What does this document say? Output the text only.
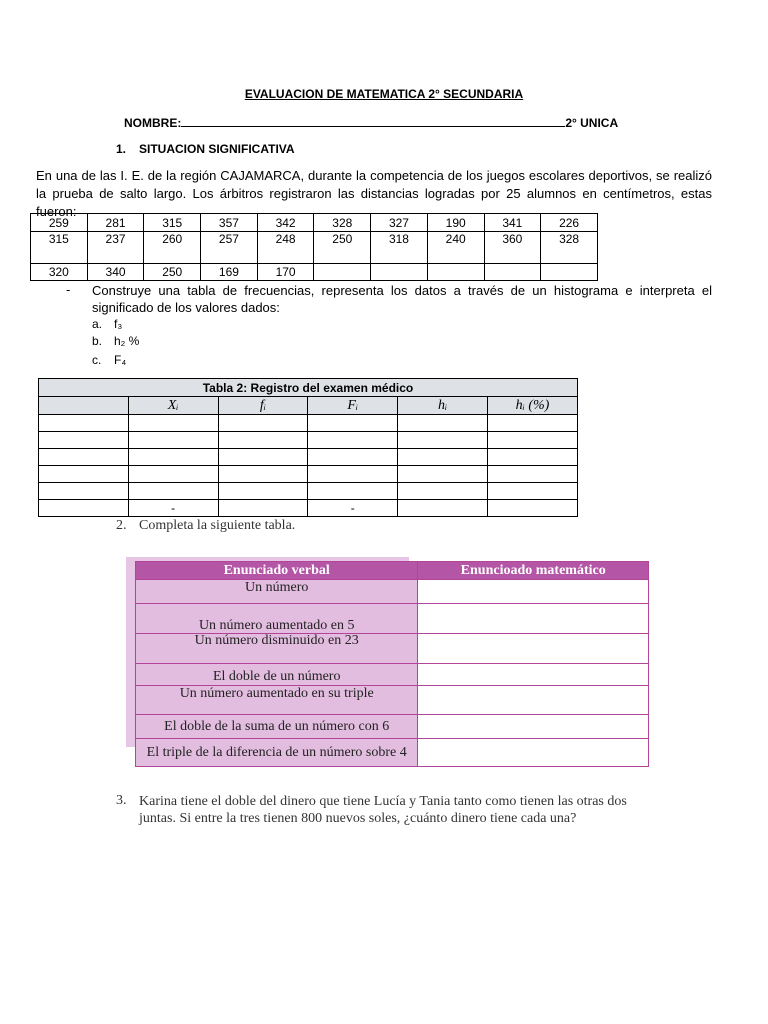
EVALUACION DE MATEMATICA 2° SECUNDARIA
NOMBRE:	2° UNICA
1. SITUACION SIGNIFICATIVA
En una de las I. E. de la región CAJAMARCA, durante la competencia de los juegos escolares deportivos, se realizó la prueba de salto largo. Los árbitros registraron las distancias logradas por 25 alumnos en centímetros, estas fueron:
259	281	315	357	342	328	327	190	341	226
315	237	260	257	248	250	318	240	360	328
320	340	250	169	170					
- Construye una tabla de frecuencias, representa los datos a través de un histograma e interpreta el significado de los valores dados:
a. f₃
b. h₂ %
c. F₄
Tabla 2: Registro del examen médico					
	Xᵢ	fᵢ	Fᵢ	hᵢ	hᵢ (%)

	-		-		
2. Completa la siguiente tabla.
Enunciado verbal	Enuncioado matemático
Un número	
Un número aumentado en 5	
Un número disminuido en 23	
El doble de un número	
Un número aumentado en su triple	
El doble de la suma de un número con 6	
El triple de la diferencia de un número sobre 4	
3. Karina tiene el doble del dinero que tiene Lucía y Tania tanto como tienen las otras dos juntas. Si entre la tres tienen 800 nuevos soles, ¿cuánto dinero tiene cada una?
